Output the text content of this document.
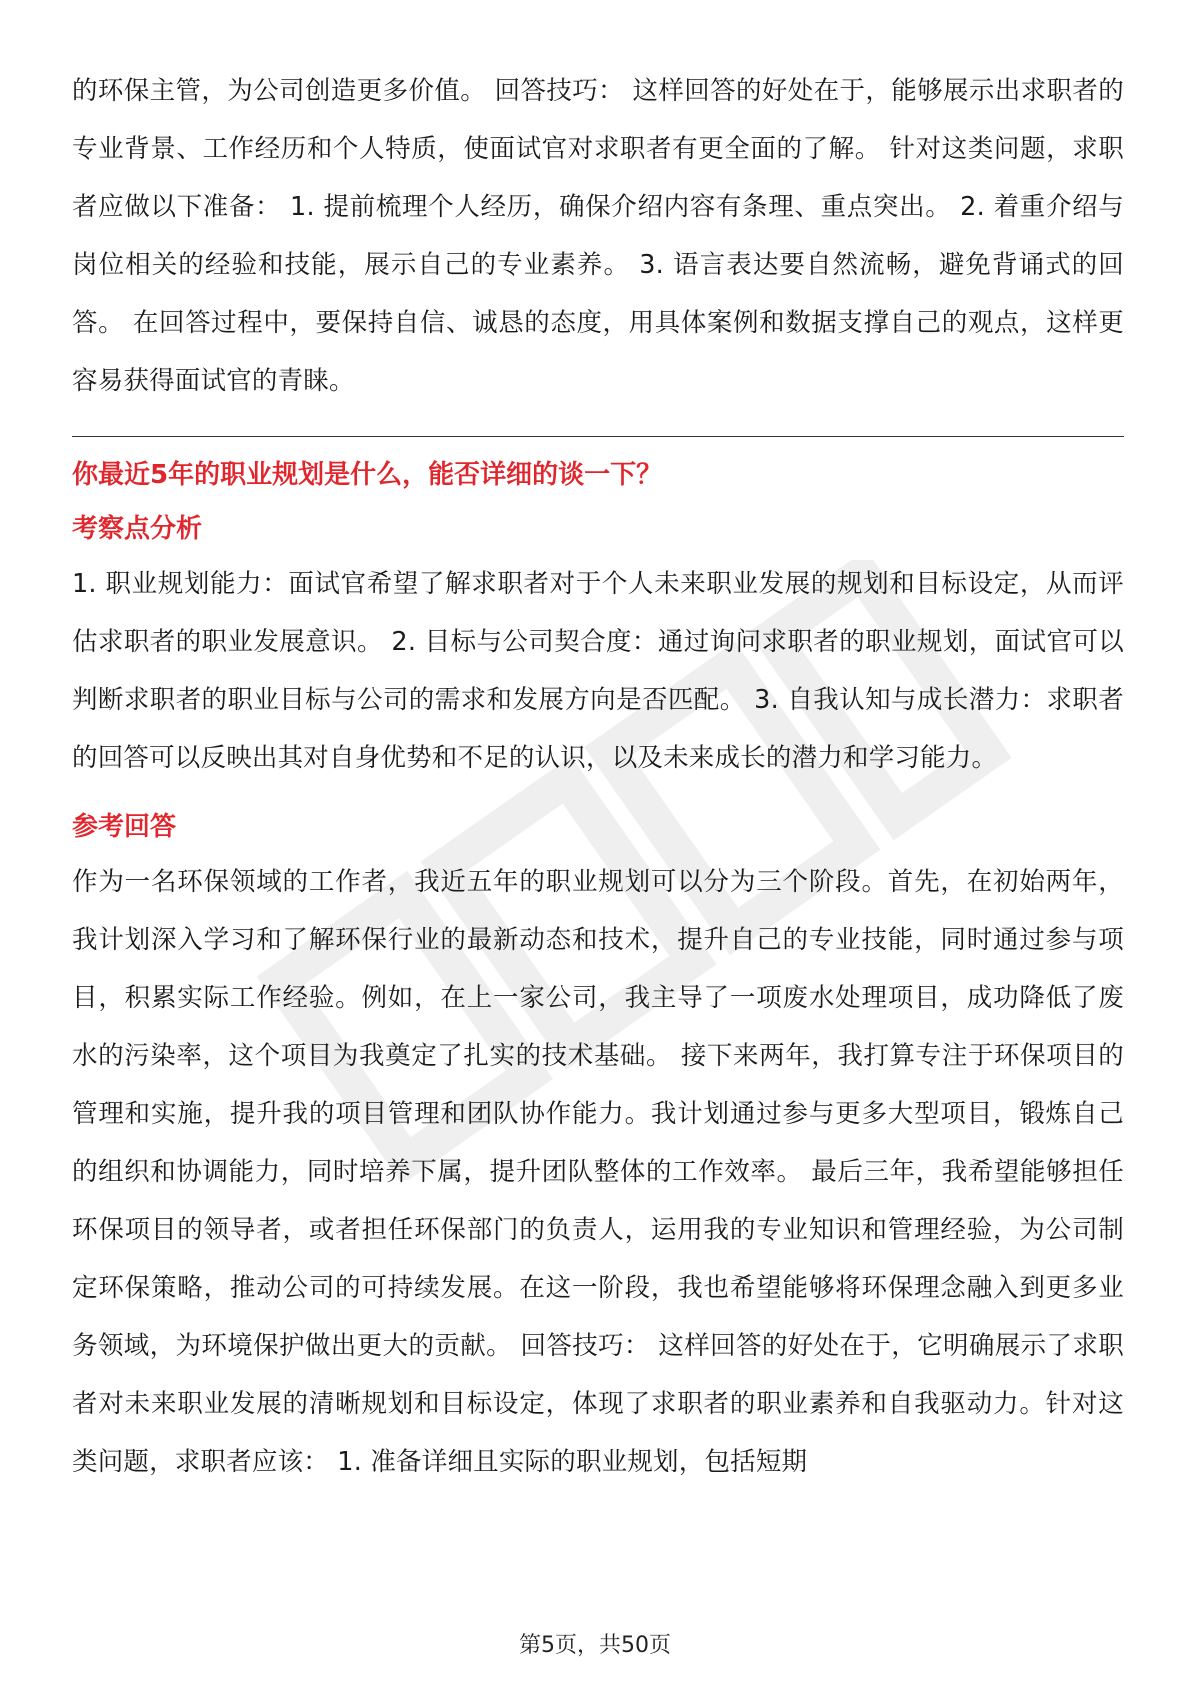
的环保主管，为公司创造更多价值。 回答技巧： 这样回答的好处在于，能够展示出求职者的专业背景、工作经历和个人特质，使面试官对求职者有更全面的了解。 针对这类问题，求职者应做以下准备： 1. 提前梳理个人经历，确保介绍内容有条理、重点突出。 2. 着重介绍与岗位相关的经验和技能，展示自己的专业素养。 3. 语言表达要自然流畅，避免背诵式的回答。 在回答过程中，要保持自信、诚恳的态度，用具体案例和数据支撑自己的观点，这样更容易获得面试官的青睐。

你最近5年的职业规划是什么，能否详细的谈一下？
考察点分析

1. 职业规划能力：面试官希望了解求职者对于个人未来职业发展的规划和目标设定，从而评估求职者的职业发展意识。 2. 目标与公司契合度：通过询问求职者的职业规划，面试官可以判断求职者的职业目标与公司的需求和发展方向是否匹配。 3. 自我认知与成长潜力：求职者的回答可以反映出其对自身优势和不足的认识，以及未来成长的潜力和学习能力。

参考回答

作为一名环保领域的工作者，我近五年的职业规划可以分为三个阶段。首先，在初始两年，我计划深入学习和了解环保行业的最新动态和技术，提升自己的专业技能，同时通过参与项目，积累实际工作经验。例如，在上一家公司，我主导了一项废水处理项目，成功降低了废水的污染率，这个项目为我奠定了扎实的技术基础。 接下来两年，我打算专注于环保项目的管理和实施，提升我的项目管理和团队协作能力。我计划通过参与更多大型项目，锻炼自己的组织和协调能力，同时培养下属，提升团队整体的工作效率。 最后三年，我希望能够担任环保项目的领导者，或者担任环保部门的负责人，运用我的专业知识和管理经验，为公司制定环保策略，推动公司的可持续发展。在这一阶段，我也希望能够将环保理念融入到更多业务领域，为环境保护做出更大的贡献。 回答技巧： 这样回答的好处在于，它明确展示了求职者对未来职业发展的清晰规划和目标设定，体现了求职者的职业素养和自我驱动力。针对这类问题，求职者应该： 1. 准备详细且实际的职业规划，包括短期

第5页，共50页
